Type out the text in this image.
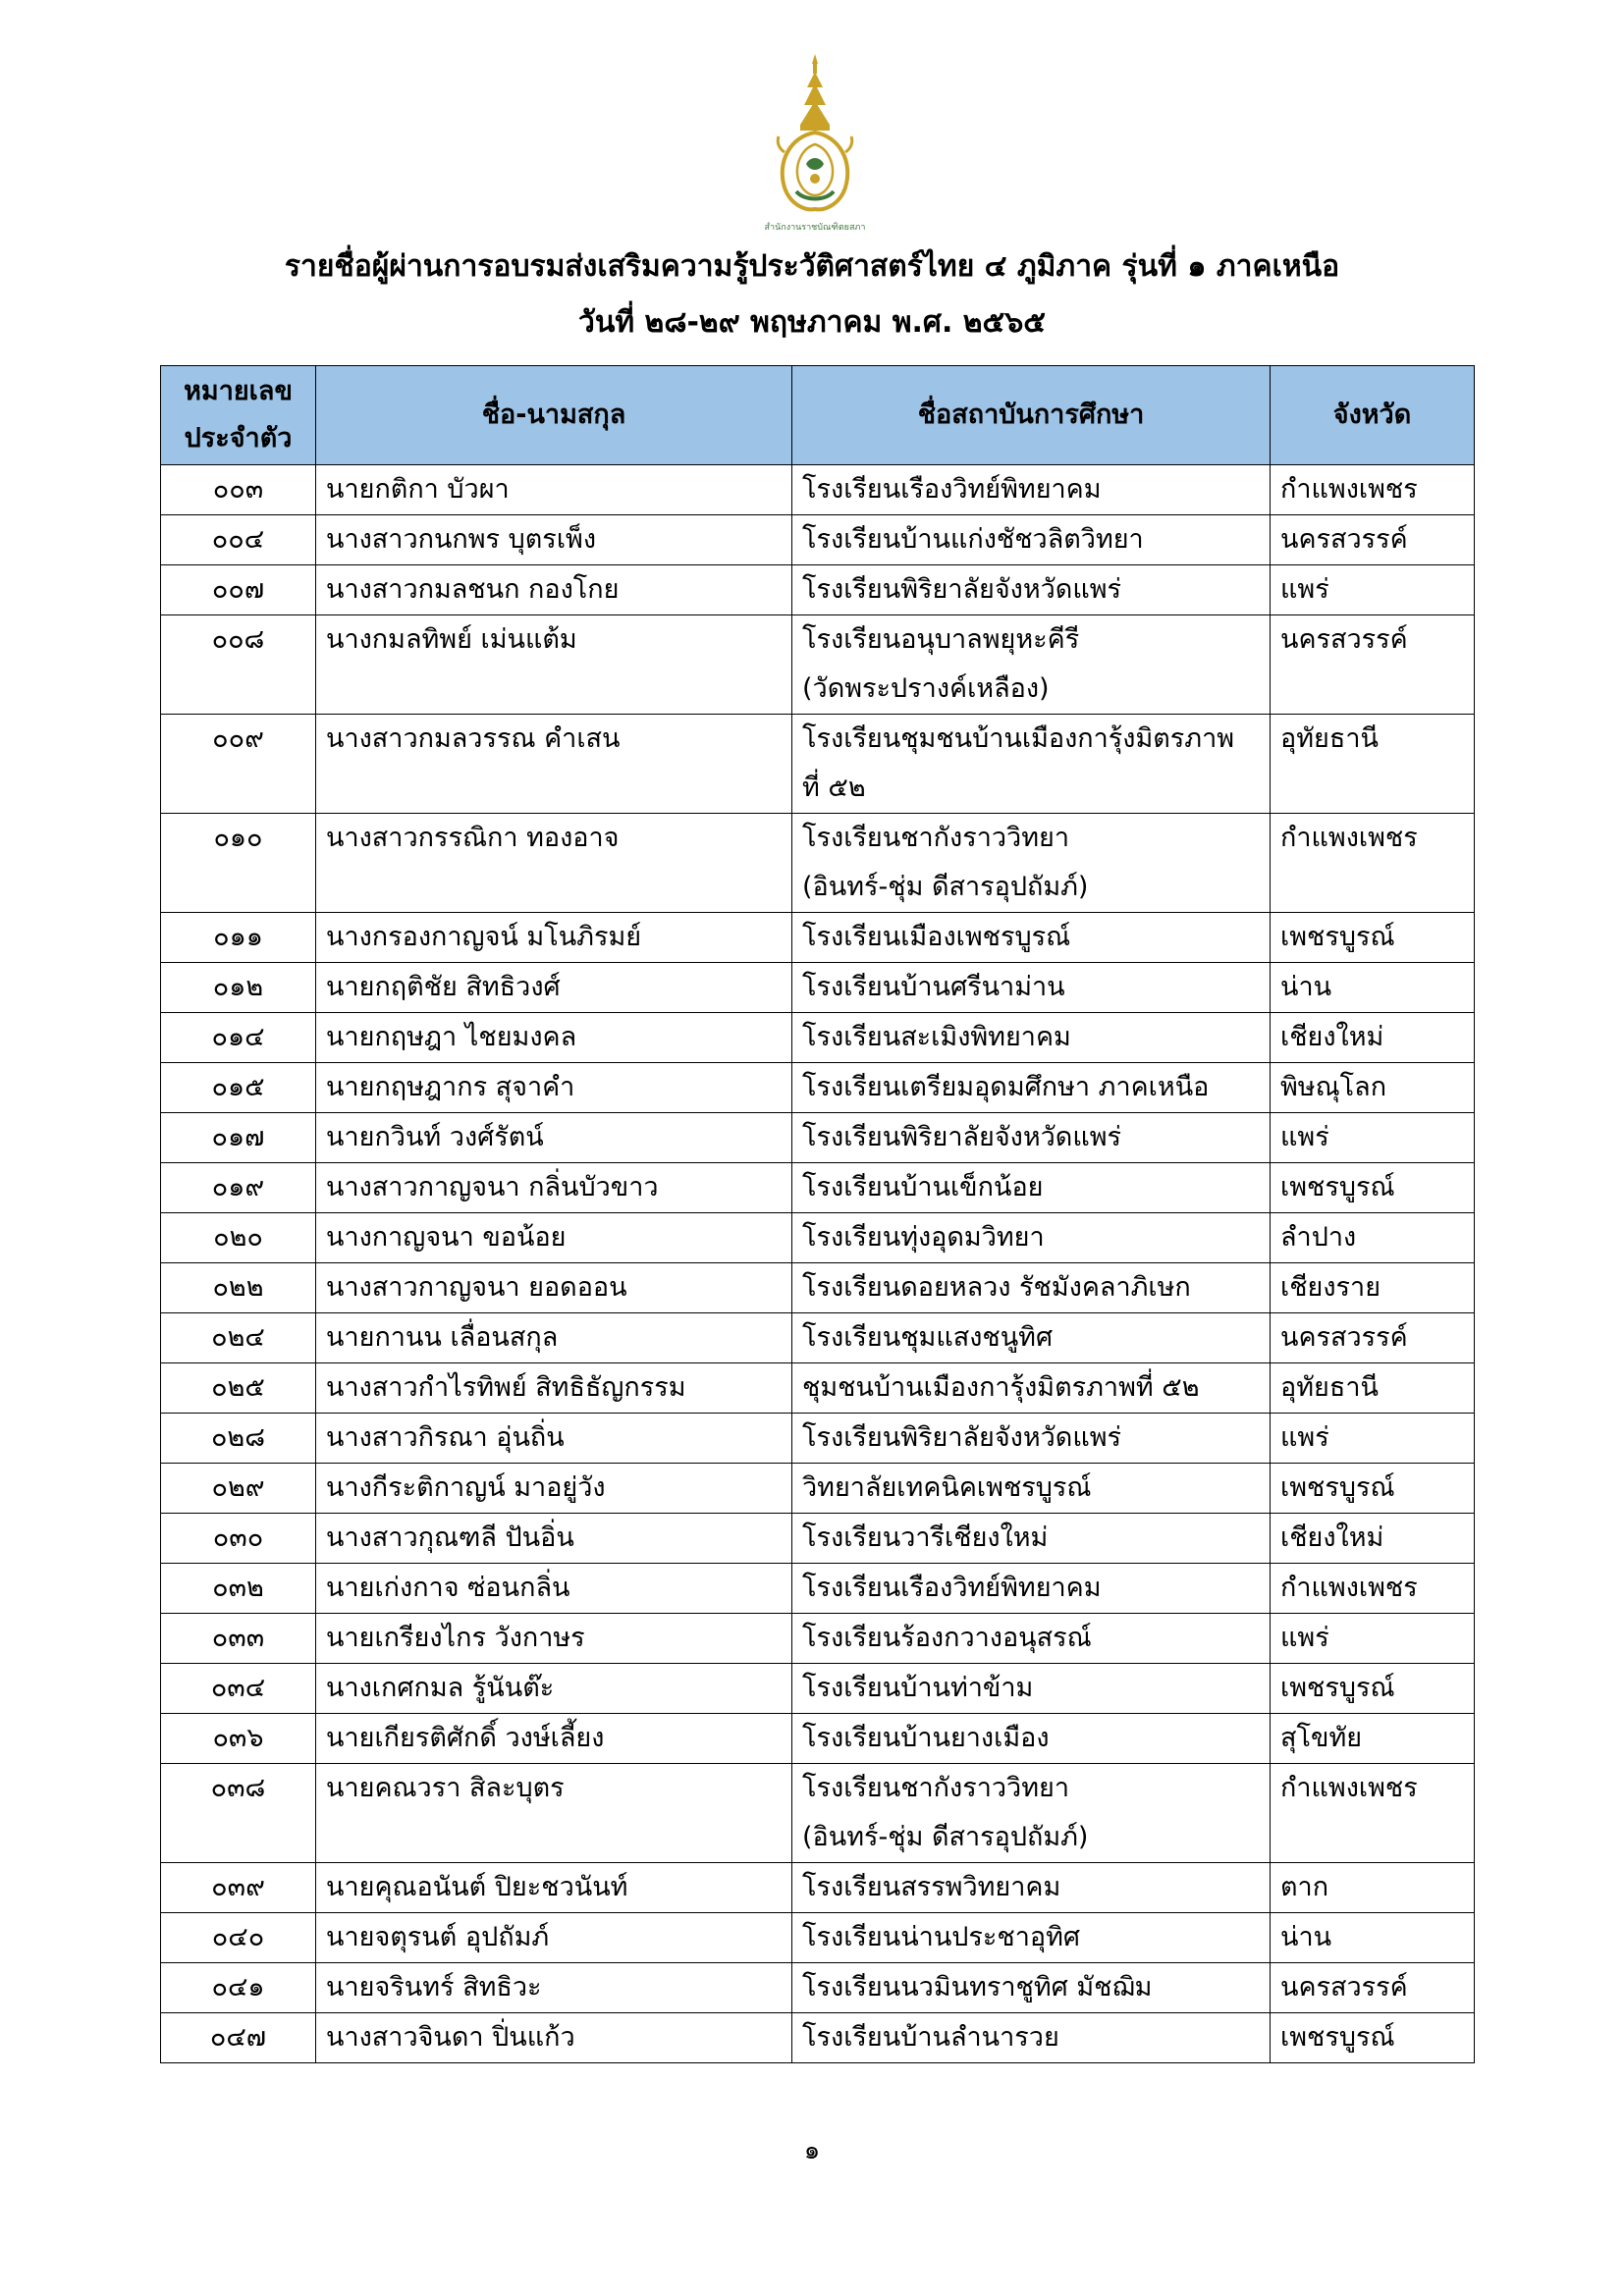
สำนักงานราชบัณฑิตยสภา
รายชื่อผู้ผ่านการอบรมส่งเสริมความรู้ประวัติศาสตร์ไทย ๔ ภูมิภาค รุ่นที่ ๑ ภาคเหนือ
วันที่ ๒๘-๒๙ พฤษภาคม พ.ศ. ๒๕๖๕
หมายเลข
ประจำตัว	ชื่อ-นามสกุล	ชื่อสถาบันการศึกษา	จังหวัด
๐๐๓	นายกติกา บัวผา	โรงเรียนเรืองวิทย์พิทยาคม	กำแพงเพชร
๐๐๔	นางสาวกนกพร บุตรเพ็ง	โรงเรียนบ้านแก่งชัชวลิตวิทยา	นครสวรรค์
๐๐๗	นางสาวกมลชนก กองโกย	โรงเรียนพิริยาลัยจังหวัดแพร่	แพร่
๐๐๘	นางกมลทิพย์ เม่นแต้ม	โรงเรียนอนุบาลพยุหะคีรี
(วัดพระปรางค์เหลือง)	นครสวรรค์
๐๐๙	นางสาวกมลวรรณ คำเสน	โรงเรียนชุมชนบ้านเมืองการุ้งมิตรภาพ
ที่ ๕๒	อุทัยธานี
๐๑๐	นางสาวกรรณิกา ทองอาจ	โรงเรียนชากังราววิทยา
(อินทร์-ชุ่ม ดีสารอุปถัมภ์)	กำแพงเพชร
๐๑๑	นางกรองกาญจน์ มโนภิรมย์	โรงเรียนเมืองเพชรบูรณ์	เพชรบูรณ์
๐๑๒	นายกฤติชัย สิทธิวงศ์	โรงเรียนบ้านศรีนาม่าน	น่าน
๐๑๔	นายกฤษฎา ไชยมงคล	โรงเรียนสะเมิงพิทยาคม	เชียงใหม่
๐๑๕	นายกฤษฎากร สุจาคำ	โรงเรียนเตรียมอุดมศึกษา ภาคเหนือ	พิษณุโลก
๐๑๗	นายกวินท์ วงศ์รัตน์	โรงเรียนพิริยาลัยจังหวัดแพร่	แพร่
๐๑๙	นางสาวกาญจนา กลิ่นบัวขาว	โรงเรียนบ้านเข็กน้อย	เพชรบูรณ์
๐๒๐	นางกาญจนา ขอน้อย	โรงเรียนทุ่งอุดมวิทยา	ลำปาง
๐๒๒	นางสาวกาญจนา ยอดออน	โรงเรียนดอยหลวง รัชมังคลาภิเษก	เชียงราย
๐๒๔	นายกานน เลื่อนสกุล	โรงเรียนชุมแสงชนูทิศ	นครสวรรค์
๐๒๕	นางสาวกำไรทิพย์ สิทธิธัญกรรม	ชุมชนบ้านเมืองการุ้งมิตรภาพที่ ๕๒	อุทัยธานี
๐๒๘	นางสาวกิรณา อุ่นถิ่น	โรงเรียนพิริยาลัยจังหวัดแพร่	แพร่
๐๒๙	นางกีระติกาญน์ มาอยู่วัง	วิทยาลัยเทคนิคเพชรบูรณ์	เพชรบูรณ์
๐๓๐	นางสาวกุณฑลี ปันอิ่น	โรงเรียนวารีเชียงใหม่	เชียงใหม่
๐๓๒	นายเก่งกาจ ซ่อนกลิ่น	โรงเรียนเรืองวิทย์พิทยาคม	กำแพงเพชร
๐๓๓	นายเกรียงไกร วังกาษร	โรงเรียนร้องกวางอนุสรณ์	แพร่
๐๓๔	นางเกศกมล รู้นันต๊ะ	โรงเรียนบ้านท่าข้าม	เพชรบูรณ์
๐๓๖	นายเกียรติศักดิ์ วงษ์เลี้ยง	โรงเรียนบ้านยางเมือง	สุโขทัย
๐๓๘	นายคณวรา สิละบุตร	โรงเรียนชากังราววิทยา
(อินทร์-ชุ่ม ดีสารอุปถัมภ์)	กำแพงเพชร
๐๓๙	นายคุณอนันต์ ปิยะชวนันท์	โรงเรียนสรรพวิทยาคม	ตาก
๐๔๐	นายจตุรนต์ อุปถัมภ์	โรงเรียนน่านประชาอุทิศ	น่าน
๐๔๑	นายจรินทร์ สิทธิวะ	โรงเรียนนวมินทราชูทิศ มัชฌิม	นครสวรรค์
๐๔๗	นางสาวจินดา ปิ่นแก้ว	โรงเรียนบ้านลำนารวย	เพชรบูรณ์
๑
